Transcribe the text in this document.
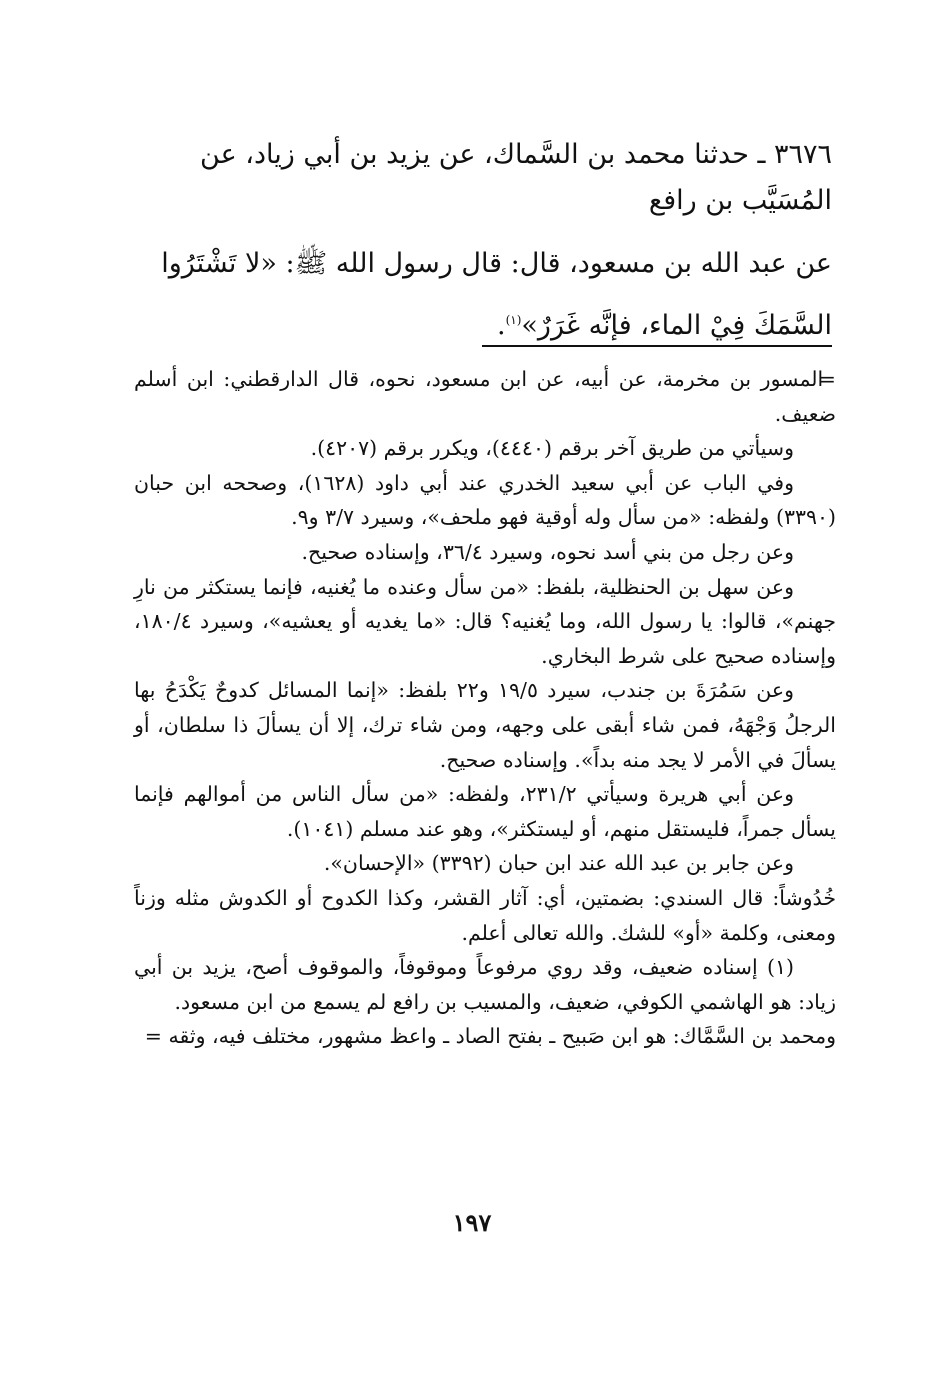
٣٦٧٦ ـ حدثنا محمد بن السَّماك، عن يزيد بن أبي زياد، عن

المُسَيَّب بن رافع

عن عبد الله بن مسعود، قال: قال رسول الله ﷺ: «لا تَشْتَرُوا

السَّمَكَ فِيْ الماء، فإنَّه غَرَرٌ»$^{(١)}$.

= المسور بن مخرمة، عن أبيه، عن ابن مسعود، نحوه، قال الدارقطني: ابن أسلم ضعيف.

وسيأتي من طريق آخر برقم (٤٤٤٠)، ويكرر برقم (٤٢٠٧).

وفي الباب عن أبي سعيد الخدري عند أبي داود (١٦٢٨)، وصححه ابن حبان (٣٣٩٠) ولفظه: «من سأل وله أوقية فهو ملحف»، وسيرد ٣/٧ و٩.

وعن رجل من بني أسد نحوه، وسيرد ٣٦/٤، وإسناده صحيح.

وعن سهل بن الحنظلية، بلفظ: «من سأل وعنده ما يُغنيه، فإنما يستكثر من نارِ جهنم»، قالوا: يا رسول الله، وما يُغنيه؟ قال: «ما يغديه أو يعشيه»، وسيرد ١٨٠/٤، وإسناده صحيح على شرط البخاري.

وعن سَمُرَةَ بن جندب، سيرد ١٩/٥ و٢٢ بلفظ: «إنما المسائل كدوحٌ يَكْدَحُ بها الرجلُ وَجْهَهُ، فمن شاء أبقى على وجهه، ومن شاء ترك، إلا أن يسألَ ذا سلطان، أو يسألَ في الأمر لا يجد منه بداً». وإسناده صحيح.

وعن أبي هريرة وسيأتي ٢٣١/٢، ولفظه: «من سأل الناس من أموالهم فإنما يسأل جمراً، فليستقل منهم، أو ليستكثر»، وهو عند مسلم (١٠٤١).

وعن جابر بن عبد الله عند ابن حبان (٣٣٩٢) «الإحسان».

خُدُوشاً: قال السندي: بضمتين، أي: آثار القشر، وكذا الكدوح أو الكدوش مثله وزناً ومعنى، وكلمة «أو» للشك. والله تعالى أعلم.

(١) إسناده ضعيف، وقد روي مرفوعاً وموقوفاً، والموقوف أصح، يزيد بن أبي زياد: هو الهاشمي الكوفي، ضعيف، والمسيب بن رافع لم يسمع من ابن مسعود.

ومحمد بن السَّمَّاك: هو ابن صَبيح ـ بفتح الصاد ـ واعظ مشهور، مختلف فيه، وثقه =

١٩٧
